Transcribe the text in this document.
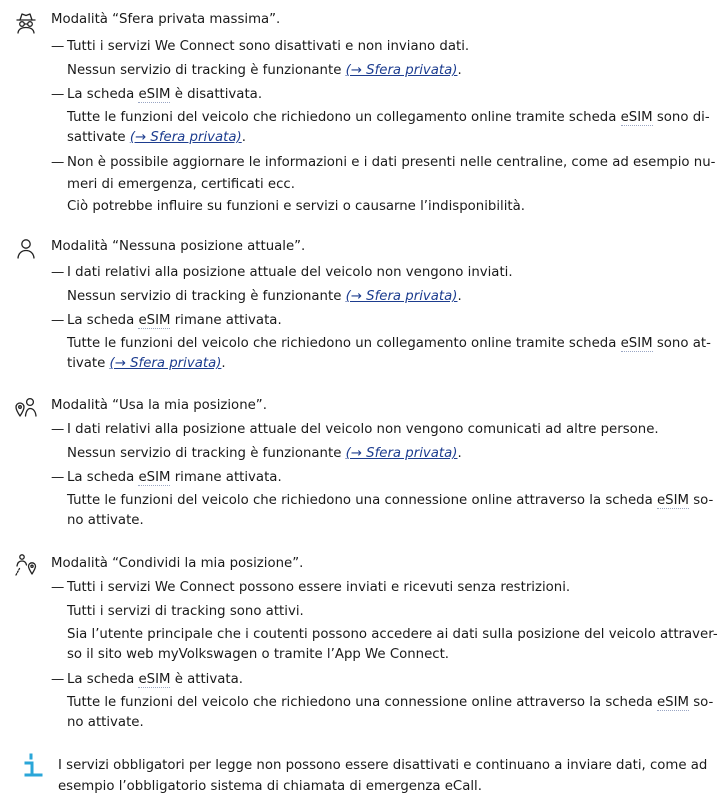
Modalità “Sfera privata massima”.
— Tutti i servizi We Connect sono disattivati e non inviano dati.
Nessun servizio di tracking è funzionante (→ Sfera privata).
— La scheda eSIM è disattivata.
Tutte le funzioni del veicolo che richiedono un collegamento online tramite scheda eSIM sono di-
sattivate (→ Sfera privata).
— Non è possibile aggiornare le informazioni e i dati presenti nelle centraline, come ad esempio nu-
meri di emergenza, certificati ecc.
Ciò potrebbe influire su funzioni e servizi o causarne l’indisponibilità.
Modalità “Nessuna posizione attuale”.
— I dati relativi alla posizione attuale del veicolo non vengono inviati.
Nessun servizio di tracking è funzionante (→ Sfera privata).
— La scheda eSIM rimane attivata.
Tutte le funzioni del veicolo che richiedono un collegamento online tramite scheda eSIM sono at-
tivate (→ Sfera privata).
Modalità “Usa la mia posizione”.
— I dati relativi alla posizione attuale del veicolo non vengono comunicati ad altre persone.
Nessun servizio di tracking è funzionante (→ Sfera privata).
— La scheda eSIM rimane attivata.
Tutte le funzioni del veicolo che richiedono una connessione online attraverso la scheda eSIM so-
no attivate.
Modalità “Condividi la mia posizione”.
— Tutti i servizi We Connect possono essere inviati e ricevuti senza restrizioni.
Tutti i servizi di tracking sono attivi.
Sia l’utente principale che i coutenti possono accedere ai dati sulla posizione del veicolo attraver-
so il sito web myVolkswagen o tramite l’App We Connect.
— La scheda eSIM è attivata.
Tutte le funzioni del veicolo che richiedono una connessione online attraverso la scheda eSIM so-
no attivate.
I servizi obbligatori per legge non possono essere disattivati e continuano a inviare dati, come ad
esempio l’obbligatorio sistema di chiamata di emergenza eCall.
